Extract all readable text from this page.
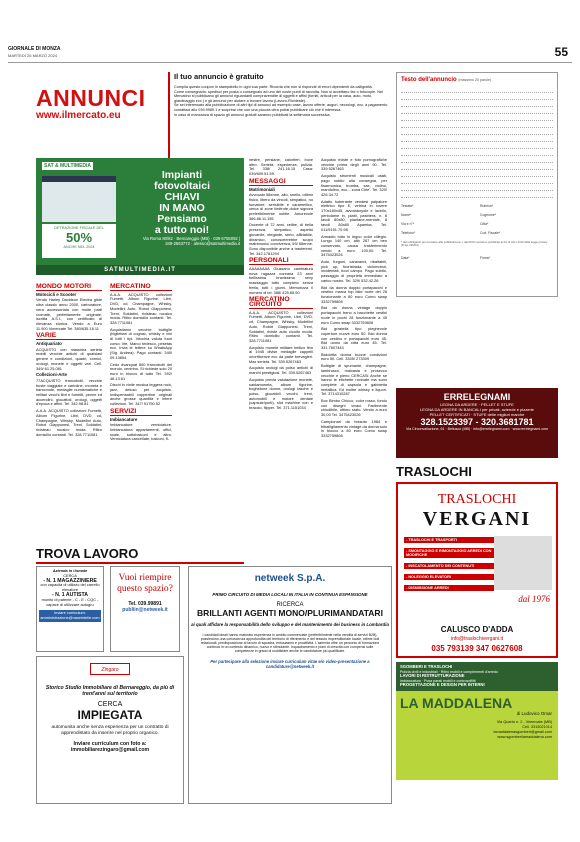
GIORNALE DI MONZA
MARTEDÌ 26 MARZO 2024	55
ANNUNCI
www.ilmercato.eu
Il tuo annuncio è gratuito

Compila questo coupon in stampatello in ogni sua parte. Ricorda che non si risponde di errori dipendenti da calligrafia.

Come consegnarlo: spedisci per posta o consegnalo ad uno dei nostri punti di raccolta. Non si accettano fax o fotocopie. Nel Mercatino si pubblicano gli annunci riguardanti compravendite di oggetti e affini (forniti, articoli per la casa, auto, moto, giardinaggio ecc.) e gli annunci per aiutare a trovare lavoro (Lavoro-Richieste).

Se sei interessato alla pubblicazione di altri tipi di annunci ad esempio case, lavoro offerte, auguri, necrologi, ecc. a pagamento contattaci allo 039.9989.1 e scoprirai che con una piccola cifra potrai pubblicare ciò che ti interessa.

In caso di mancanza di spazio gli annunci gratuiti saranno pubblicati la settimana successiva.

Testo dell'annuncio (massimo 20 parole)
Testata*	Rubrica*
Nome*	Cognome*
Via e n°*	Città*
Telefono*	Cod. Fiscale*
* dati obbligatori per prendere alla pubblicazione. I dati NON verranno pubblicati ai fini di tutti i diritti della legge privacy (D.lgs 196/03)
Data*	Firma*
SAT & MULTIMEDIA
DETRAZIONE FISCALE DEL
50%
ANCHE NEL 2024
Impianti
fotovoltaici
CHIAVI
IN MANO
Pensiamo
a tutto noi!
Via Roma 80/82 · Bernareggio (MB) · 039 6755092 | 349-2563772 · alessio@satmultimedia.it
SATMULTIMEDIA.IT
MONDO MOTORI
Motocicli e Scooter

Vendo Harley Davidson Electra glide ultra classic anno 2000, carburatore, nera accessoriata con molte parti cromate, perfettamente originale, iscritta A.S.I., con certificato di rilevanza storica. Vendo a Euro 11.900 Vimercate Tel. 380/635.18.11

VARIE
Antiquariato

ACQUISTO con massima serietà mobili vecchie antichi di qualsiasi genere e condizioni, quadri, cornici, orologi, monete e oggetti vari. Cell. 349/ 61.25.081

Collezioni-Arte

77ACQUISTO francobolli, vecchie buste viaggiate e cartoline, moneta e banconote, medaglie numismatiche e militari vecchi libri e fumetti, penne ed accendini, giocattoli, orologi, oggetti d'epoca e affini. Tel. 342.98.81

A.A.A. ACQUISTO collezioni Fumetti, Album Figurine, Libri, DVD, cd, Champagne, Whisky, Modellini Auto, Robot Giapponesi, Treni, Soldatini, rivisteau rocalco moda. Ritiro domicilio contanti. Tel. 328.7711081

MERCATINO

A.A.A. ACQUISTO collezioni Fumetti, Album Figurine, Libri, DVD, cd, Champagne, Whisky, Modellini Auto, Robot Giapponesi, Treni, Soldatini, rivisteau rocalco moda. Ritiro domicilio contanti. Tel. 328.7711081

Acquistiamo vecchie bottiglie (bigliettari di cognac, whisky e vini di tutti i tipi. Vecchia valuta fuori corso: lire, Marco tedesco, pesetas ecc. Invia le lettere su WhatsApp (Sig. Andrea). Pago contanti. 349/ 09.13854

Cedo dvanquat 800 francobolli del mondo, centrino. Si richiede solo 20 euro in blocco di tutto Tel. 392/ 48.13.61

Dischi in vinile musica leggera rock, jazz, deluso per acquisto. Indispensabili coppertine originali anche grosse quantità e intere collezioni. Tel. 347/ 91750.52

SERVIZI
Imbiancature

Imbiancature verniciature. Imbiancatura appartamenti, uffici, scale, sottobalconi e altro. Verniciatura cancellate, balconi, fi-

nestre, persiane, caloriferi, boxe altro. Serietà, esperienza, pulizia. Tel. 338/ 241.16.15 Casa: 039/609.51.59.

MESSAGGI
Matrimoniali

Avvocato 58enne, alto, snello, ottimo fisico, libero da vincoli, simpatico, no fumatore, sensibile e caramellico, cerca di zone limitrofe dolce signora preferibilmente nubile. Amorevole 366.86.11.155

Docente di 72 anni, celibe, di bella presenza, simpatico, aspetto giovanile, elegante, serio, affidabile, dinamico, conosceerebbe scopo matrimonio/ convivenza, 59/ 68enne. Sono disponibile anche a trasferirmi. Tel. 342.1781294

PERSONALI

AAAAAAAA Giussano cambiatura nova ragazza coreana 23 anni bellissima bravissima sexy massaggio tutto completo senza fretta, tutti i giorni. Memorizza il numero di tel. 388/ 425.65.90

MERCATINO CIRCUITO

A.A.A. ACQUISTO collezioni Fumetti, Album Figurine, Libri, DVD, cd, Champagne, Whisky, Modellini Auto, Robot Giapponesi, Treni, Soldatini, riviste auto cicuito moda. Ritiro domicilio contanti. Tel. 328.7711081

Acquisto monete militare bellico fino al 1945 divise medaglie cappelli onorificenze ecc da parte brevagieri. Max serietà. Tel. 339.5267463

Acquisto orologi da polso antichi di marchi prestigiosi. Tel. 339.5267463

Acquisto previa valutazione monete, santamoneta, album figurine, boghetone donne, orologi tasche e polso, giocattoli vecchi, treni, automobili e motore dentale (capsule/porti), slot machine con e braccio, flipper. Tel. 371.1151034

Acquisto riviste e foto pornografiche vecchie prima degli anni 90. Tel. 339.5267463

Acquisto strumenti musicali usati, pago subito alla consegna, per fisarmonica, tromba, sax, violino, mandolino, ecc... zona Cirle'. Tel. 320/ 426.34.72

Adatto hoberante vendesi palpatore elettrico tipo E, vetrina in rovere 170x180x45, avvolatoryole e lavello, pentolame in, piatti, pastriera, n. 8 tavoli 80x80, piantane-mentale, 8 tavoli 80x80 Apamba. Tel. 011/9191.70.98

Armadio tutto in legno color ciliegio. Lungo 140 cm, alto 267 cm ben conservato, causa trasferimento vendo a euro 100,00. Tel. 3475423026

Auto, furgoni, caravanni, ribaltabili, pick up, fuoristrada, ciclomotori, incidentati, fuori campo. Pago subito, passaggio di proprietà immediato a carico nostro. Tel. 329/ 532.42.26

Bici da donna doppio portapacchi e cestino marca top bike ruote del 26 funzionante a 60 euro Como swap 3332759808

Bici da donna vintage doppio portapacchi freno a bacchette cestini ruote in pochi 28 funzionante a 45 euro Como swap 3332759808

Bici graziella tipo pieghevole coperture nuove euro 50. Bici donna con cestino e portapacchi euro 45. Bici uomo da città euro 45. Tel. 331.7607443

Bicicletta donna buone condizioni euro 50. Cell. 3335/ 273309

Bottiglie di spumante, champagne, lambrusco, malvasia e prosecco vecchie e pieno CERCASI Anche se hanno le etichette rovinate ma sono complete di capsula e gabbietta metallica. Ed inoltre whisky e liquori. Tel. 3714310287

Box Bimbo Chicco, color rosso, fondo con disegni vivaci. Facilmente chiudibile, ottimo stato. Vendo a euro 30,00 Tel. 3475423026

Campionari da tessuto 1984 e biballigliamento vintage da donna solo in blocco a 80 euro Como swap 3332759808

TROVA LAVORO
Azienda in Usmate
CERCA
- N. 1 MAGAZZINIERE
con capacità di utilizzo del carrello elevatore
- N. 1 AUTISTA
munito di patente - C - E - CQC - capace di utilizzare autogru
Inviare curriculum: amministrazione@naseintelle.com
Vuoi riempire questo spazio?
Tel. 039.99891
publiin@netweek.it
netweek S.p.A.
PRIMO CIRCUITO DI MEDIA LOCALI IN ITALIA IN CONTINUA ESPANSIONE
RICERCA
BRILLANTI AGENTI MONO/PLURIMANDATARI
ai quali affidare la responsabilità dello sviluppo e del mantenimento dei business in Lombardia
I candidati ideali hanno maturato esperienza in ambito commerciale (preferibilmente nella vendita di servizi B2B), possiedono una conoscenza approfondita del territorio di riferimento e del tessuto imprenditoriale locale, ottime doti relazionali, predisposizione al lavoro di squadra, entusiasmo e proattività. L'azienda offre un percorso di formazione continua in un contesto dinamico, nuovo e stimolante. Inquadramento e piani di crescita con compensi sulle competenze in grado di soddisfare anche le candidature più qualificate.
Per partecipare alla selezione inviare curriculum vitae e/o video-presentazione a candidature@netweek.it
Zingaro
Storico Studio Immobiliare di Bernareggio, da più di trent'anni sul territorio
CERCA
IMPIEGATA
automunita anche senza esperienza per un contratto di apprendistato da inserire nel proprio organico.
Inviare curriculum con foto a: immobiliarezingaro@gmail.com
ERRELEGNAMI
LEGNA DA ARDERE · PELLET E STUFE
LEGNA DA ARDERE IN BANCALI per privati, aziende e pizzerie
PELLET CERTIFICATI · STUFE delle migliori marche
328.1523397 - 320.3681781
Via Circonvallazione, 61 · Bellusco (MB) · info@errelegnami.com · www.errelegnami.com
TRASLOCHI
TRASLOCHI
VERGANI
- TRASLOCHI E TRASPORTI
- SMONTAGGIO E RIMONTAGGIO ARREDI CON MODIFICHE
- INSCATOLAMENTO DEI CONTENUTI
- NOLEGGIO ELEVATORI
- DISMISSIONE ARREDI
dal 1976
CALUSCO D'ADDA
info@traslochivergani.it
035 793139 347 0627608
SGOMBERI E TRASLOCHI
Pulizia civili e industriali · Ritiro mobili e complementi d'arredo
LAVORI DI RISTRUTTURAZIONE
Imbiancatura · Posa parati mobili e controsoffitti
PROGETTAZIONE E DESIGN PER INTERNI
LA MADDALENA
di Ludovico Omar
Via Quarto n. 2 - Vimercate (MB)
Cell. 3315021014
lamaddalenasgomberi@gmail.com
www.sgomberilamaddalena.com
